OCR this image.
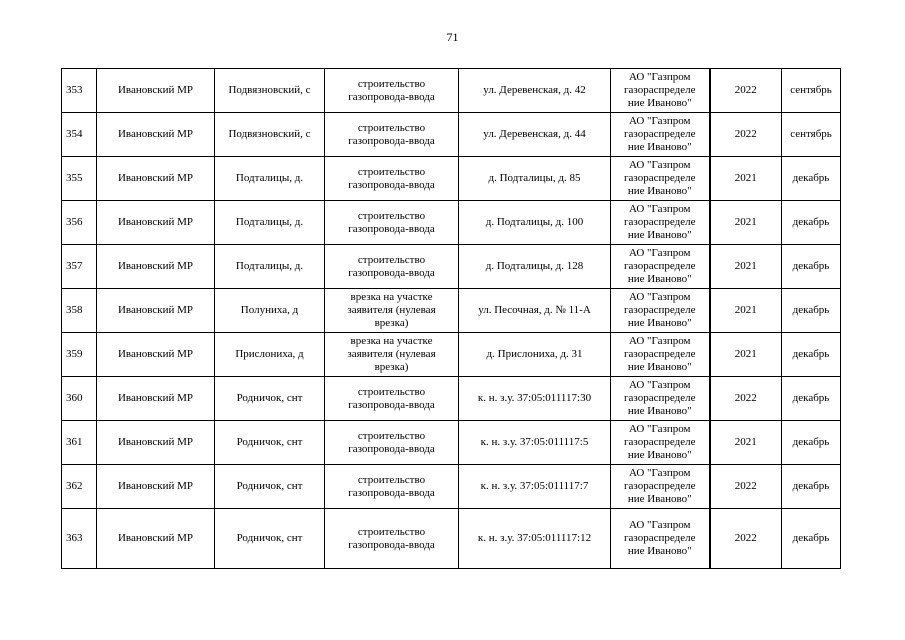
71
353	Ивановский МР	Подвязновский, с	строительство
газопровода-ввода	ул. Деревенская, д. 42	АО "Газпром
газораспределе
ние Иваново"	2022	сентябрь
354	Ивановский МР	Подвязновский, с	строительство
газопровода-ввода	ул. Деревенская, д. 44	АО "Газпром
газораспределе
ние Иваново"	2022	сентябрь
355	Ивановский МР	Подталицы, д.	строительство
газопровода-ввода	д. Подталицы, д. 85	АО "Газпром
газораспределе
ние Иваново"	2021	декабрь
356	Ивановский МР	Подталицы, д.	строительство
газопровода-ввода	д. Подталицы, д. 100	АО "Газпром
газораспределе
ние Иваново"	2021	декабрь
357	Ивановский МР	Подталицы, д.	строительство
газопровода-ввода	д. Подталицы, д. 128	АО "Газпром
газораспределе
ние Иваново"	2021	декабрь
358	Ивановский МР	Полуниха, д	врезка на участке
заявителя (нулевая
врезка)	ул. Песочная, д. № 11-А	АО "Газпром
газораспределе
ние Иваново"	2021	декабрь
359	Ивановский МР	Прислониха, д	врезка на участке
заявителя (нулевая
врезка)	д. Прислониха, д. 31	АО "Газпром
газораспределе
ние Иваново"	2021	декабрь
360	Ивановский МР	Родничок, снт	строительство
газопровода-ввода	к. н. з.у. 37:05:011117:30	АО "Газпром
газораспределе
ние Иваново"	2022	декабрь
361	Ивановский МР	Родничок, снт	строительство
газопровода-ввода	к. н. з.у. 37:05:011117:5	АО "Газпром
газораспределе
ние Иваново"	2021	декабрь
362	Ивановский МР	Родничок, снт	строительство
газопровода-ввода	к. н. з.у. 37:05:011117:7	АО "Газпром
газораспределе
ние Иваново"	2022	декабрь
363	Ивановский МР	Родничок, снт	строительство
газопровода-ввода	к. н. з.у. 37:05:011117:12	АО "Газпром
газораспределе
ние Иваново"	2022	декабрь
